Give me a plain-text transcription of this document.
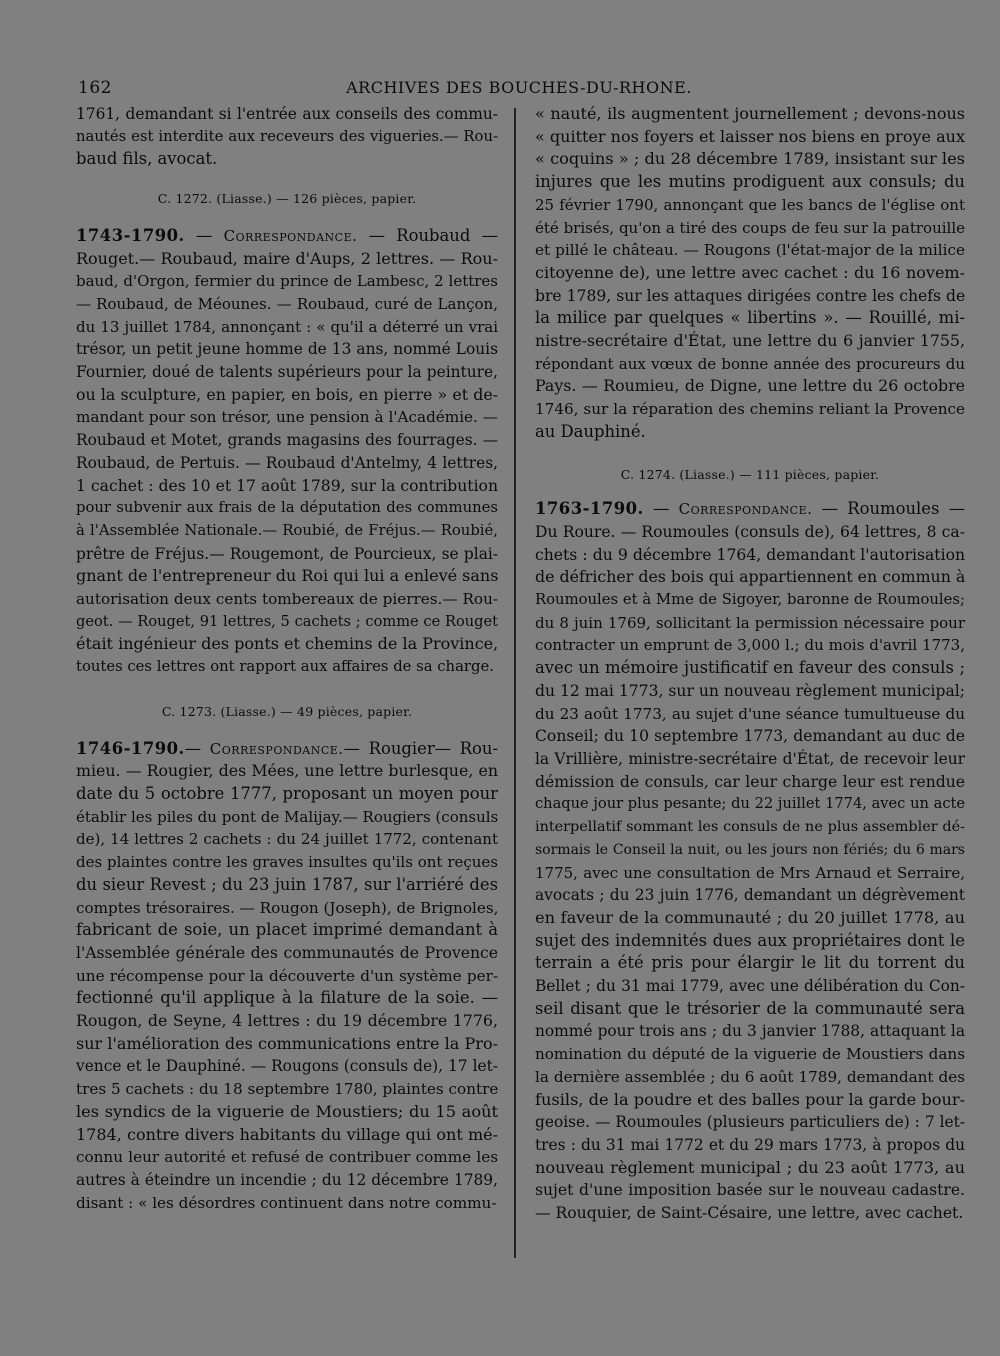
162	ARCHIVES DES BOUCHES-DU-RHONE.

1761, demandant si l'entrée aux conseils des commu-
nautés est interdite aux receveurs des vigueries.— Rou-
baud fils, avocat.

C. 1272. (Liasse.) — 126 pièces, papier.

1743-1790. — Correspondance. — Roubaud —
Rouget.— Roubaud, maire d'Aups, 2 lettres. — Rou-
baud, d'Orgon, fermier du prince de Lambesc, 2 lettres
— Roubaud, de Méounes. — Roubaud, curé de Lançon,
du 13 juillet 1784, annonçant : « qu'il a déterré un vrai
trésor, un petit jeune homme de 13 ans, nommé Louis
Fournier, doué de talents supérieurs pour la peinture,
ou la sculpture, en papier, en bois, en pierre » et de-
mandant pour son trésor, une pension à l'Académie. —
Roubaud et Motet, grands magasins des fourrages. —
Roubaud, de Pertuis. — Roubaud d'Antelmy, 4 lettres,
1 cachet : des 10 et 17 août 1789, sur la contribution
pour subvenir aux frais de la députation des communes
à l'Assemblée Nationale.— Roubié, de Fréjus.— Roubié,
prêtre de Fréjus.— Rougemont, de Pourcieux, se plai-
gnant de l'entrepreneur du Roi qui lui a enlevé sans
autorisation deux cents tombereaux de pierres.— Rou-
geot. — Rouget, 91 lettres, 5 cachets ; comme ce Rouget
était ingénieur des ponts et chemins de la Province,
toutes ces lettres ont rapport aux affaires de sa charge.

C. 1273. (Liasse.) — 49 pièces, papier.

1746-1790.— Correspondance.— Rougier— Rou-
mieu. — Rougier, des Mées, une lettre burlesque, en
date du 5 octobre 1777, proposant un moyen pour
établir les piles du pont de Malijay.— Rougiers (consuls
de), 14 lettres 2 cachets : du 24 juillet 1772, contenant
des plaintes contre les graves insultes qu'ils ont reçues
du sieur Revest ; du 23 juin 1787, sur l'arriéré des
comptes trésoraires. — Rougon (Joseph), de Brignoles,
fabricant de soie, un placet imprimé demandant à
l'Assemblée générale des communautés de Provence
une récompense pour la découverte d'un système per-
fectionné qu'il applique à la filature de la soie. —
Rougon, de Seyne, 4 lettres : du 19 décembre 1776,
sur l'amélioration des communications entre la Pro-
vence et le Dauphiné. — Rougons (consuls de), 17 let-
tres 5 cachets : du 18 septembre 1780, plaintes contre
les syndics de la viguerie de Moustiers; du 15 août
1784, contre divers habitants du village qui ont mé-
connu leur autorité et refusé de contribuer comme les
autres à éteindre un incendie ; du 12 décembre 1789,
disant : « les désordres continuent dans notre commu-

« nauté, ils augmentent journellement ; devons-nous
« quitter nos foyers et laisser nos biens en proye aux
« coquins » ; du 28 décembre 1789, insistant sur les
injures que les mutins prodiguent aux consuls; du
25 février 1790, annonçant que les bancs de l'église ont
été brisés, qu'on a tiré des coups de feu sur la patrouille
et pillé le château. — Rougons (l'état-major de la milice
citoyenne de), une lettre avec cachet : du 16 novem-
bre 1789, sur les attaques dirigées contre les chefs de
la milice par quelques « libertins ». — Rouillé, mi-
nistre-secrétaire d'État, une lettre du 6 janvier 1755,
répondant aux vœux de bonne année des procureurs du
Pays. — Roumieu, de Digne, une lettre du 26 octobre
1746, sur la réparation des chemins reliant la Provence
au Dauphiné.

C. 1274. (Liasse.) — 111 pièces, papier.

1763-1790. — Correspondance. — Roumoules —
Du Roure. — Roumoules (consuls de), 64 lettres, 8 ca-
chets : du 9 décembre 1764, demandant l'autorisation
de défricher des bois qui appartiennent en commun à
Roumoules et à Mme de Sigoyer, baronne de Roumoules;
du 8 juin 1769, sollicitant la permission nécessaire pour
contracter un emprunt de 3,000 l.; du mois d'avril 1773,
avec un mémoire justificatif en faveur des consuls ;
du 12 mai 1773, sur un nouveau règlement municipal;
du 23 août 1773, au sujet d'une séance tumultueuse du
Conseil; du 10 septembre 1773, demandant au duc de
la Vrillière, ministre-secrétaire d'État, de recevoir leur
démission de consuls, car leur charge leur est rendue
chaque jour plus pesante; du 22 juillet 1774, avec un acte
interpellatif sommant les consuls de ne plus assembler dé-
sormais le Conseil la nuit, ou les jours non fériés; du 6 mars
1775, avec une consultation de Mrs Arnaud et Serraire,
avocats ; du 23 juin 1776, demandant un dégrèvement
en faveur de la communauté ; du 20 juillet 1778, au
sujet des indemnités dues aux propriétaires dont le
terrain a été pris pour élargir le lit du torrent du
Bellet ; du 31 mai 1779, avec une délibération du Con-
seil disant que le trésorier de la communauté sera
nommé pour trois ans ; du 3 janvier 1788, attaquant la
nomination du député de la viguerie de Moustiers dans
la dernière assemblée ; du 6 août 1789, demandant des
fusils, de la poudre et des balles pour la garde bour-
geoise. — Roumoules (plusieurs particuliers de) : 7 let-
tres : du 31 mai 1772 et du 29 mars 1773, à propos du
nouveau règlement municipal ; du 23 août 1773, au
sujet d'une imposition basée sur le nouveau cadastre.
— Rouquier, de Saint-Césaire, une lettre, avec cachet.
